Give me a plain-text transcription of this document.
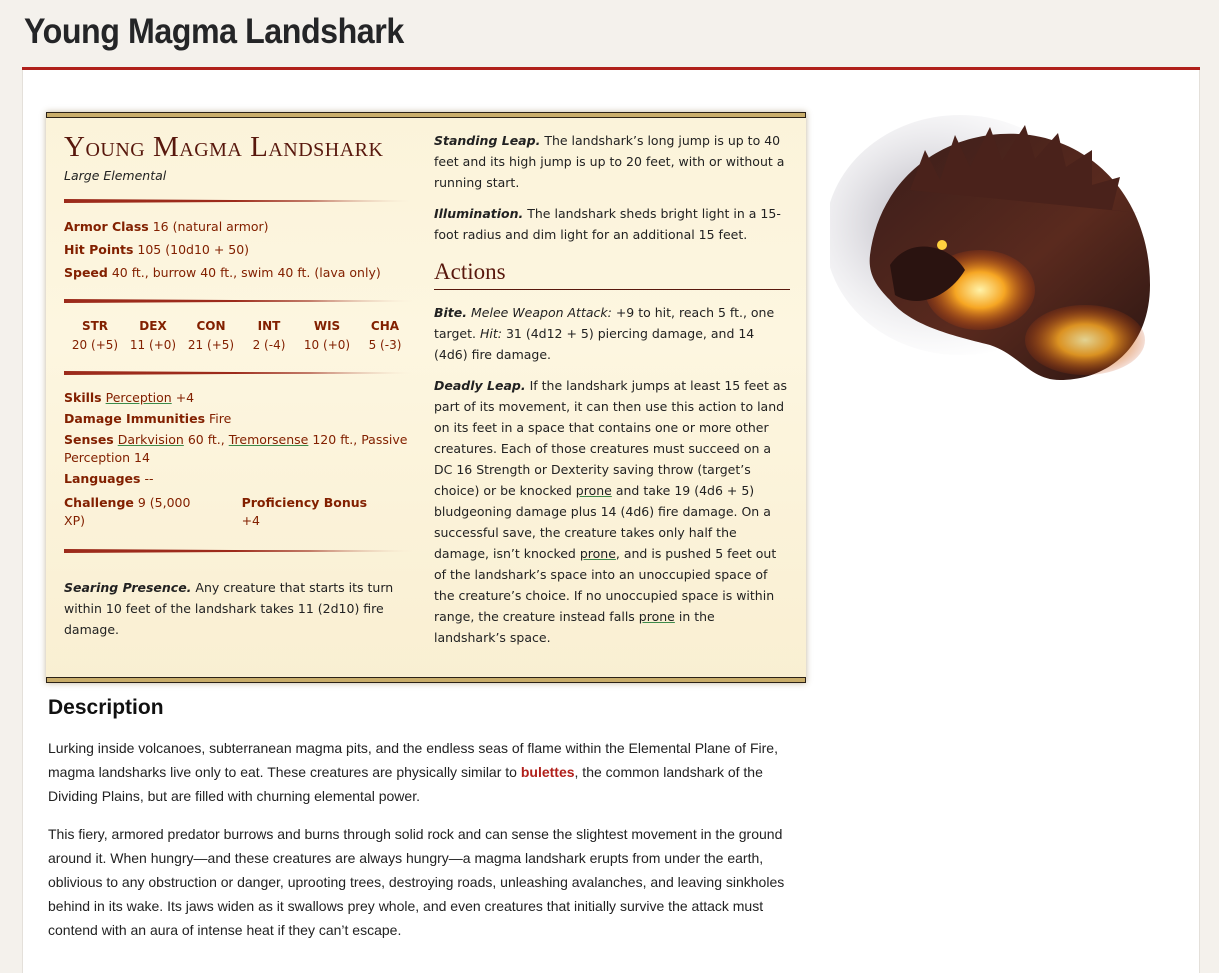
Young Magma Landshark
Young Magma Landshark
Large Elemental
Armor Class 16 (natural armor)
Hit Points 105 (10d10 + 50)
Speed 40 ft., burrow 40 ft., swim 40 ft. (lava only)
STR
20 (+5)
DEX
11 (+0)
CON
21 (+5)
INT
2 (-4)
WIS
10 (+0)
CHA
5 (-3)
Skills Perception +4
Damage Immunities Fire
Senses Darkvision 60 ft., Tremorsense 120 ft., Passive Perception 14
Languages --
Challenge 9 (5,000 XP)
Proficiency Bonus +4
Searing Presence. Any creature that starts its turn within 10 feet of the landshark takes 11 (2d10) fire damage.
Standing Leap. The landshark’s long jump is up to 40 feet and its high jump is up to 20 feet, with or without a running start.
Illumination. The landshark sheds bright light in a 15-foot radius and dim light for an additional 15 feet.
Actions
Bite. Melee Weapon Attack: +9 to hit, reach 5 ft., one target. Hit: 31 (4d12 + 5) piercing damage, and 14 (4d6) fire damage.
Deadly Leap. If the landshark jumps at least 15 feet as part of its movement, it can then use this action to land on its feet in a space that contains one or more other creatures. Each of those creatures must succeed on a DC 16 Strength or Dexterity saving throw (target’s choice) or be knocked prone and take 19 (4d6 + 5) bludgeoning damage plus 14 (4d6) fire damage. On a successful save, the creature takes only half the damage, isn’t knocked prone, and is pushed 5 feet out of the landshark’s space into an unoccupied space of the creature’s choice. If no unoccupied space is within range, the creature instead falls prone in the landshark’s space.
Description

Lurking inside volcanoes, subterranean magma pits, and the endless seas of flame within the Elemental Plane of Fire, magma landsharks live only to eat. These creatures are physically similar to bulettes, the common landshark of the Dividing Plains, but are filled with churning elemental power.

This fiery, armored predator burrows and burns through solid rock and can sense the slightest movement in the ground around it. When hungry—and these creatures are always hungry—a magma landshark erupts from under the earth, oblivious to any obstruction or danger, uprooting trees, destroying roads, unleashing avalanches, and leaving sinkholes behind in its wake. Its jaws widen as it swallows prey whole, and even creatures that initially survive the attack must contend with an aura of intense heat if they can’t escape.
